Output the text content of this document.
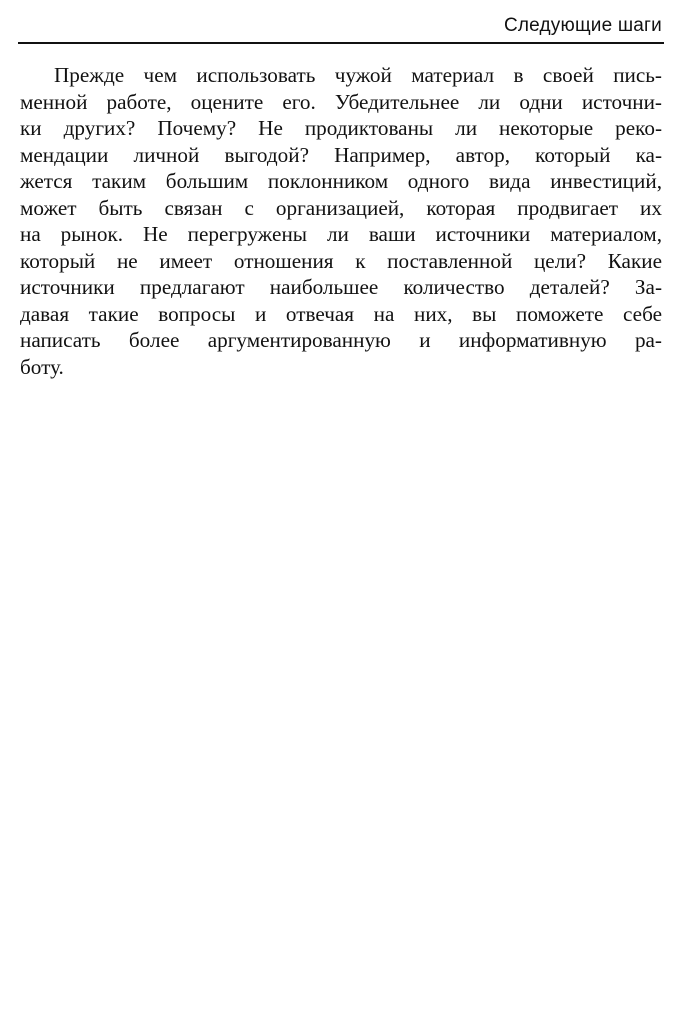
Следующие шаги
Прежде чем использовать чужой материал в своей пись-
менной работе, оцените его. Убедительнее ли одни источни-
ки других? Почему? Не продиктованы ли некоторые реко-
мендации личной выгодой? Например, автор, который ка-
жется таким большим поклонником одного вида инвестиций,
может быть связан с организацией, которая продвигает их
на рынок. Не перегружены ли ваши источники материалом,
который не имеет отношения к поставленной цели? Какие
источники предлагают наибольшее количество деталей? За-
давая такие вопросы и отвечая на них, вы поможете себе
написать более аргументированную и информативную ра-
боту.
